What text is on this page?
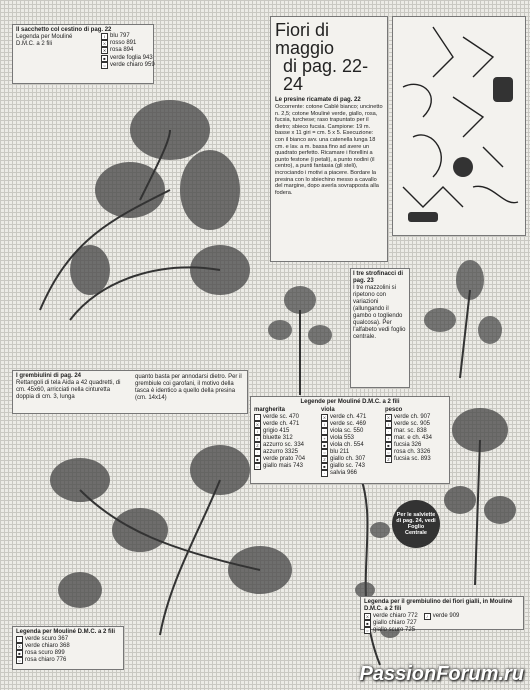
Il sacchetto col cestino di pag. 22
Legenda per Mouliné D.M.C. a 2 fili
I blu 797
X rosso 891
✕ rosa 894
■ verde foglia 943
○ verde chiaro 959
Fiori di maggio
di pag. 22-24
Le presine ricamate di pag. 22
Occorrente: cotone Cablé bianco; uncinetto n. 2,5; cotone Mouliné verde, giallo, rosa, fucsia, turchese; raso trapuntato per il dietro; sbieco fucsia. Campione: 19 m. basse x 11 giri = cm. 5 x 5. Esecuzione: con il bianco avv. una catenella lunga 18 cm. e lav. a m. bassa fino ad avere un quadrato perfetto. Ricamare i fiorellini a punto festone (i petali), a punto nodini (il centro), a punti fantasia (gli steli), incrociando i motivi a piacere. Bordare la presina con lo sbiechino messo a cavallo del margine, dopo averla sovrapposta alla fodera.
I tre strofinacci di pag. 23
I tre mazzolini si ripetono con variazioni (allungando il gambo o togliendo qualcosa). Per l'alfabeto vedi foglio centrale.
I grembiulini di pag. 24
Rettangoli di tela Aida a 42 quadretti, di cm. 45x60, arricciati nella cinturetta doppia di cm. 3, lunga
quanto basta per annodarsi dietro. Per il grembiule coi garofani, il motivo della tasca è identico a quello della presina (cm. 14x14)
Legende per Mouliné D.M.C. a 2 fili
margherita
· verde sc. 470
X verde ch. 471
/ grigio 415
+ bluette 312
Z azzurro sc. 334
· azzurro 3325
■ verde prato 704
○ giallo mais 743
viola
X verde ch. 471
/ verde sc. 469
· viola sc. 550
+ viola 553
■ viola ch. 554
○ blu 211
Z giallo ch. 307
■ giallo sc. 743
· salvia 966
pesco
X verde ch. 907
/ verde sc. 905
· mar. sc. 838
+ mar. e ch. 434
■ fucsia 326
○ rosa ch. 3326
Z fucsia sc. 893
Per le salviette di pag. 24, vedi Foglio Centrale
Legenda per Mouliné D.M.C. a 2 fili
· verde scuro 367
X verde chiaro 368
■ rosa scuro 899
○ rosa chiaro 776
Legenda per il grembiulino dei fiori gialli, in Mouliné D.M.C. a 2 fili
X verde chiaro 772
■ giallo chiaro 727
○ giallo scuro 725
/ verde 909
PassionForum.ru
